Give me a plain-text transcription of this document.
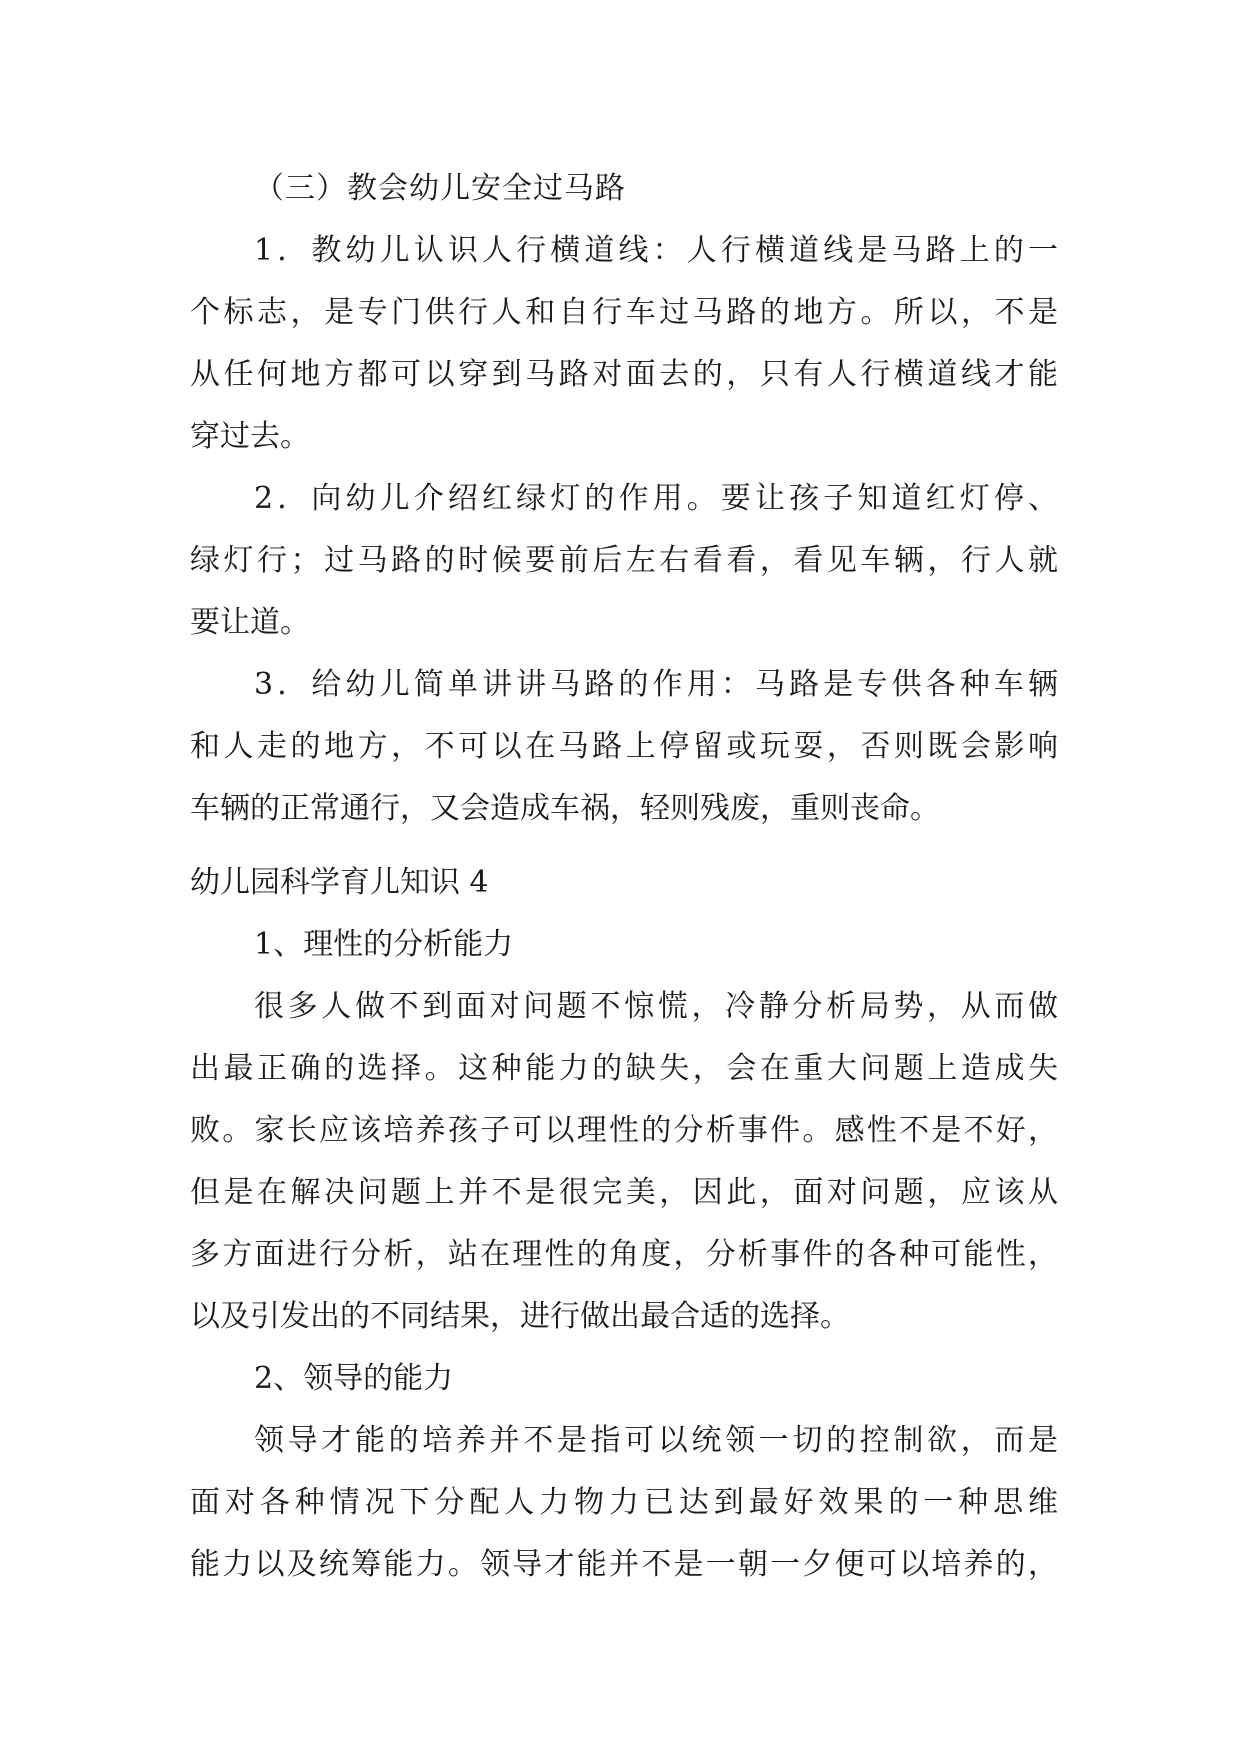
（三）教会幼儿安全过马路
1．教幼儿认识人行横道线：人行横道线是马路上的一
个标志，是专门供行人和自行车过马路的地方。所以，不是
从任何地方都可以穿到马路对面去的，只有人行横道线才能
穿过去。
2．向幼儿介绍红绿灯的作用。要让孩子知道红灯停、
绿灯行；过马路的时候要前后左右看看，看见车辆，行人就
要让道。
3．给幼儿简单讲讲马路的作用：马路是专供各种车辆
和人走的地方，不可以在马路上停留或玩耍，否则既会影响
车辆的正常通行，又会造成车祸，轻则残废，重则丧命。
幼儿园科学育儿知识 4
1、理性的分析能力
很多人做不到面对问题不惊慌，冷静分析局势，从而做
出最正确的选择。这种能力的缺失，会在重大问题上造成失
败。家长应该培养孩子可以理性的分析事件。感性不是不好，
但是在解决问题上并不是很完美，因此，面对问题，应该从
多方面进行分析，站在理性的角度，分析事件的各种可能性，
以及引发出的不同结果，进行做出最合适的选择。
2、领导的能力
领导才能的培养并不是指可以统领一切的控制欲，而是
面对各种情况下分配人力物力已达到最好效果的一种思维
能力以及统筹能力。领导才能并不是一朝一夕便可以培养的，
